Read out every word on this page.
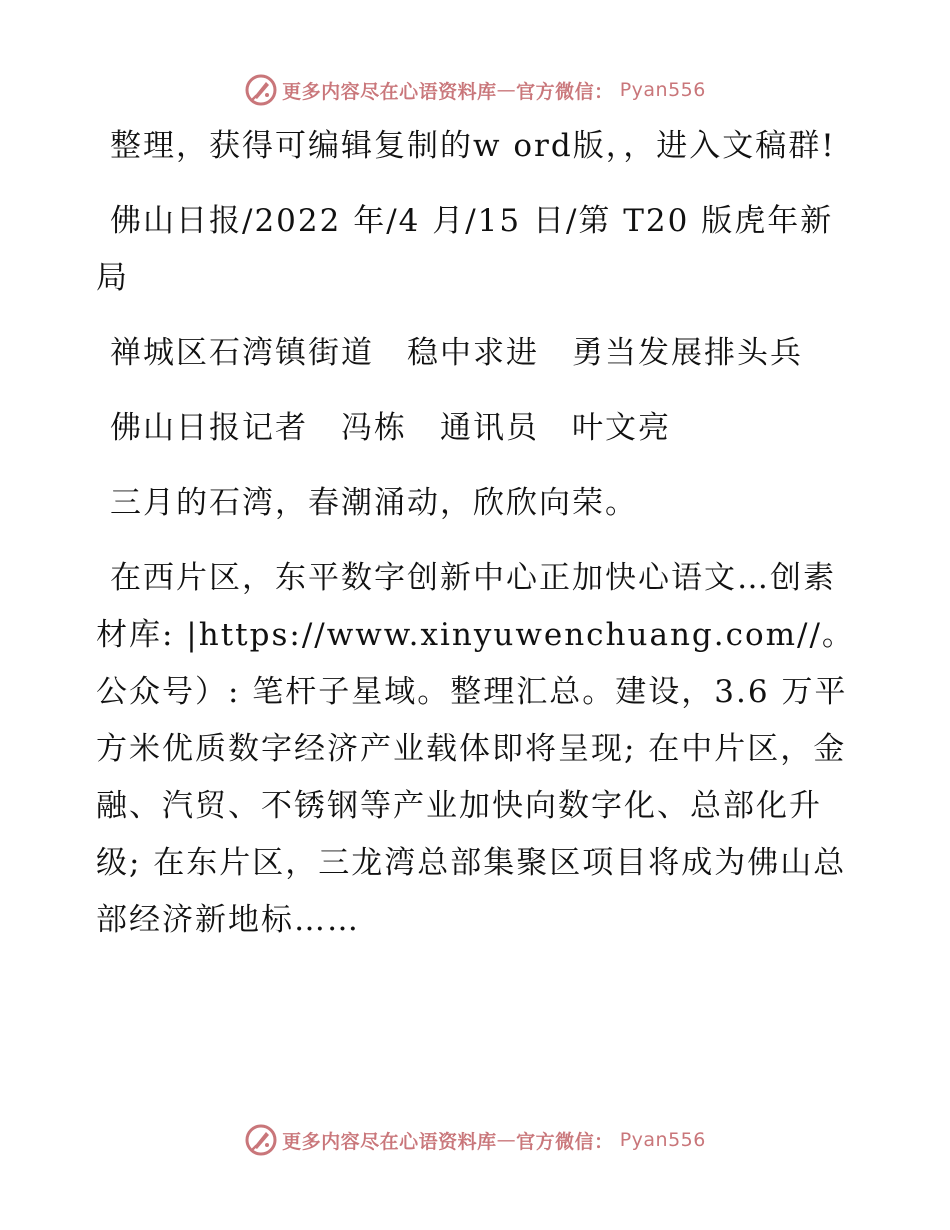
更多内容尽在心语资料库 — 官方微信： Pyan556

整理，获得可编辑复制的w ord版，，进入文稿群!

佛山日报/2022 年/4 月/15 日/第 T20 版虎年新局

禅城区石湾镇街道　稳中求进　勇当发展排头兵

佛山日报记者　冯栋　通讯员　叶文亮

三月的石湾，春潮涌动，欣欣向荣。

在西片区，东平数字创新中心正加快心语文…创素材库: |https://www.xinyuwenchuang.com//。公众号）: 笔杆子星域。整理汇总。建设，3.6 万平方米优质数字经济产业载体即将呈现; 在中片区，金融、汽贸、不锈钢等产业加快向数字化、总部化升级; 在东片区，三龙湾总部集聚区项目将成为佛山总部经济新地标……

更多内容尽在心语资料库 — 官方微信： Pyan556
